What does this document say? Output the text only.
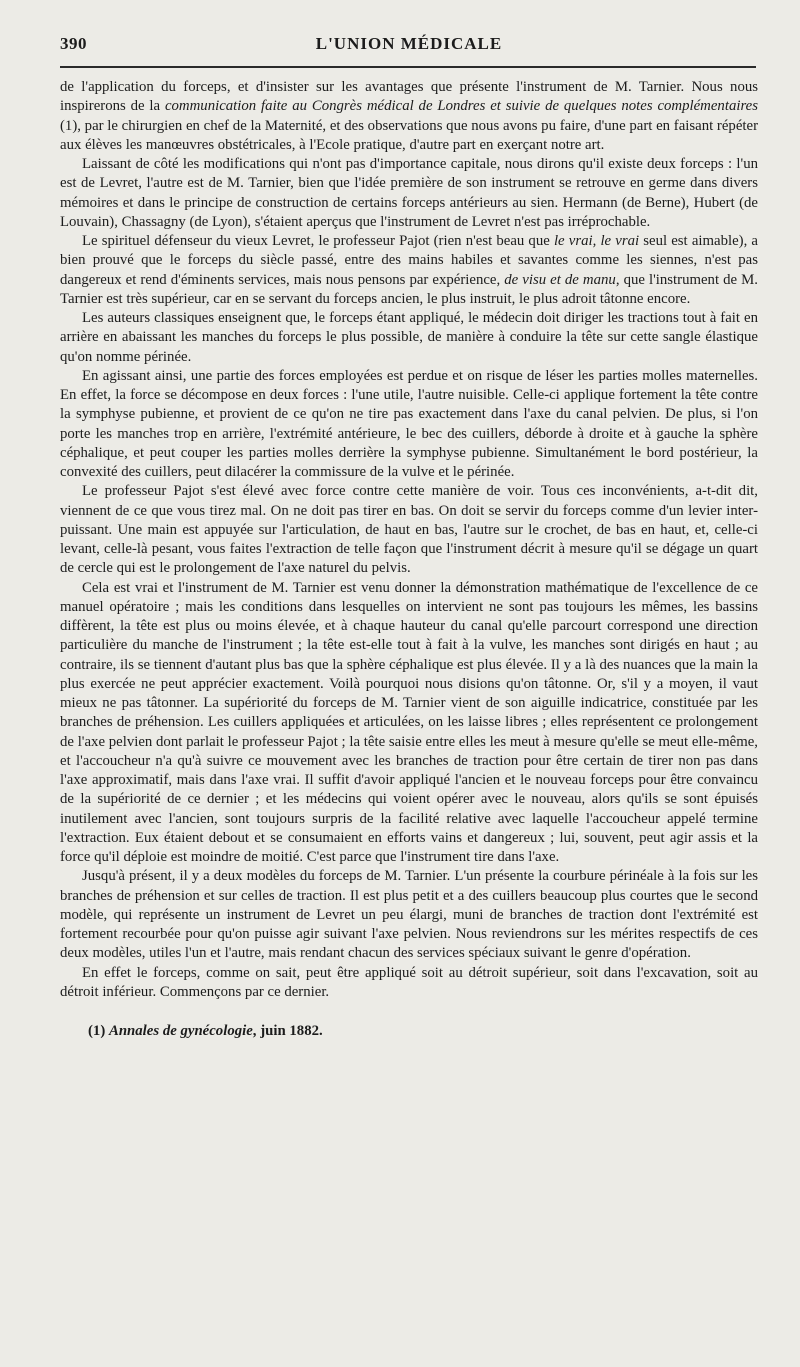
390	L'UNION MÉDICALE

de l'application du forceps, et d'insister sur les avantages que présente l'instrument de M. Tarnier. Nous nous inspirerons de la communication faite au Congrès médical de Londres et suivie de quelques notes complémentaires (1), par le chirurgien en chef de la Maternité, et des observations que nous avons pu faire, d'une part en faisant répéter aux élèves les manœuvres obstétricales, à l'Ecole pratique, d'autre part en exerçant notre art.

Laissant de côté les modifications qui n'ont pas d'importance capitale, nous dirons qu'il existe deux forceps : l'un est de Levret, l'autre est de M. Tarnier, bien que l'idée première de son instrument se retrouve en germe dans divers mémoires et dans le principe de construction de certains forceps antérieurs au sien. Hermann (de Berne), Hubert (de Louvain), Chassagny (de Lyon), s'étaient aperçus que l'instrument de Levret n'est pas irréprochable.

Le spirituel défenseur du vieux Levret, le professeur Pajot (rien n'est beau que le vrai, le vrai seul est aimable), a bien prouvé que le forceps du siècle passé, entre des mains habiles et savantes comme les siennes, n'est pas dangereux et rend d'éminents services, mais nous pensons par expérience, de visu et de manu, que l'instrument de M. Tarnier est très supérieur, car en se servant du forceps ancien, le plus instruit, le plus adroit tâtonne encore.

Les auteurs classiques enseignent que, le forceps étant appliqué, le médecin doit diriger les tractions tout à fait en arrière en abaissant les manches du forceps le plus possible, de manière à conduire la tête sur cette sangle élastique qu'on nomme périnée.

En agissant ainsi, une partie des forces employées est perdue et on risque de léser les parties molles maternelles. En effet, la force se décompose en deux forces : l'une utile, l'autre nuisible. Celle-ci applique fortement la tête contre la symphyse pubienne, et provient de ce qu'on ne tire pas exactement dans l'axe du canal pelvien. De plus, si l'on porte les manches trop en arrière, l'extrémité antérieure, le bec des cuillers, déborde à droite et à gauche la sphère céphalique, et peut couper les parties molles derrière la symphyse pubienne. Simultanément le bord postérieur, la convexité des cuillers, peut dilacérer la commissure de la vulve et le périnée.

Le professeur Pajot s'est élevé avec force contre cette manière de voir. Tous ces inconvénients, a-t-dit dit, viennent de ce que vous tirez mal. On ne doit pas tirer en bas. On doit se servir du forceps comme d'un levier inter-puissant. Une main est appuyée sur l'articulation, de haut en bas, l'autre sur le crochet, de bas en haut, et, celle-ci levant, celle-là pesant, vous faites l'extraction de telle façon que l'instrument décrit à mesure qu'il se dégage un quart de cercle qui est le prolongement de l'axe naturel du pelvis.

Cela est vrai et l'instrument de M. Tarnier est venu donner la démonstration mathématique de l'excellence de ce manuel opératoire ; mais les conditions dans lesquelles on intervient ne sont pas toujours les mêmes, les bassins diffèrent, la tête est plus ou moins élevée, et à chaque hauteur du canal qu'elle parcourt correspond une direction particulière du manche de l'instrument ; la tête est-elle tout à fait à la vulve, les manches sont dirigés en haut ; au contraire, ils se tiennent d'autant plus bas que la sphère céphalique est plus élevée. Il y a là des nuances que la main la plus exercée ne peut apprécier exactement. Voilà pourquoi nous disions qu'on tâtonne. Or, s'il y a moyen, il vaut mieux ne pas tâtonner. La supériorité du forceps de M. Tarnier vient de son aiguille indicatrice, constituée par les branches de préhension. Les cuillers appliquées et articulées, on les laisse libres ; elles représentent ce prolongement de l'axe pelvien dont parlait le professeur Pajot ; la tête saisie entre elles les meut à mesure qu'elle se meut elle-même, et l'accoucheur n'a qu'à suivre ce mouvement avec les branches de traction pour être certain de tirer non pas dans l'axe approximatif, mais dans l'axe vrai. Il suffit d'avoir appliqué l'ancien et le nouveau forceps pour être convaincu de la supériorité de ce dernier ; et les médecins qui voient opérer avec le nouveau, alors qu'ils se sont épuisés inutilement avec l'ancien, sont toujours surpris de la facilité relative avec laquelle l'accoucheur appelé termine l'extraction. Eux étaient debout et se consumaient en efforts vains et dangereux ; lui, souvent, peut agir assis et la force qu'il déploie est moindre de moitié. C'est parce que l'instrument tire dans l'axe.

Jusqu'à présent, il y a deux modèles du forceps de M. Tarnier. L'un présente la courbure périnéale à la fois sur les branches de préhension et sur celles de traction. Il est plus petit et a des cuillers beaucoup plus courtes que le second modèle, qui représente un instrument de Levret un peu élargi, muni de branches de traction dont l'extrémité est fortement recourbée pour qu'on puisse agir suivant l'axe pelvien. Nous reviendrons sur les mérites respectifs de ces deux modèles, utiles l'un et l'autre, mais rendant chacun des services spéciaux suivant le genre d'opération.

En effet le forceps, comme on sait, peut être appliqué soit au détroit supérieur, soit dans l'excavation, soit au détroit inférieur. Commençons par ce dernier.

(1) Annales de gynécologie, juin 1882.
